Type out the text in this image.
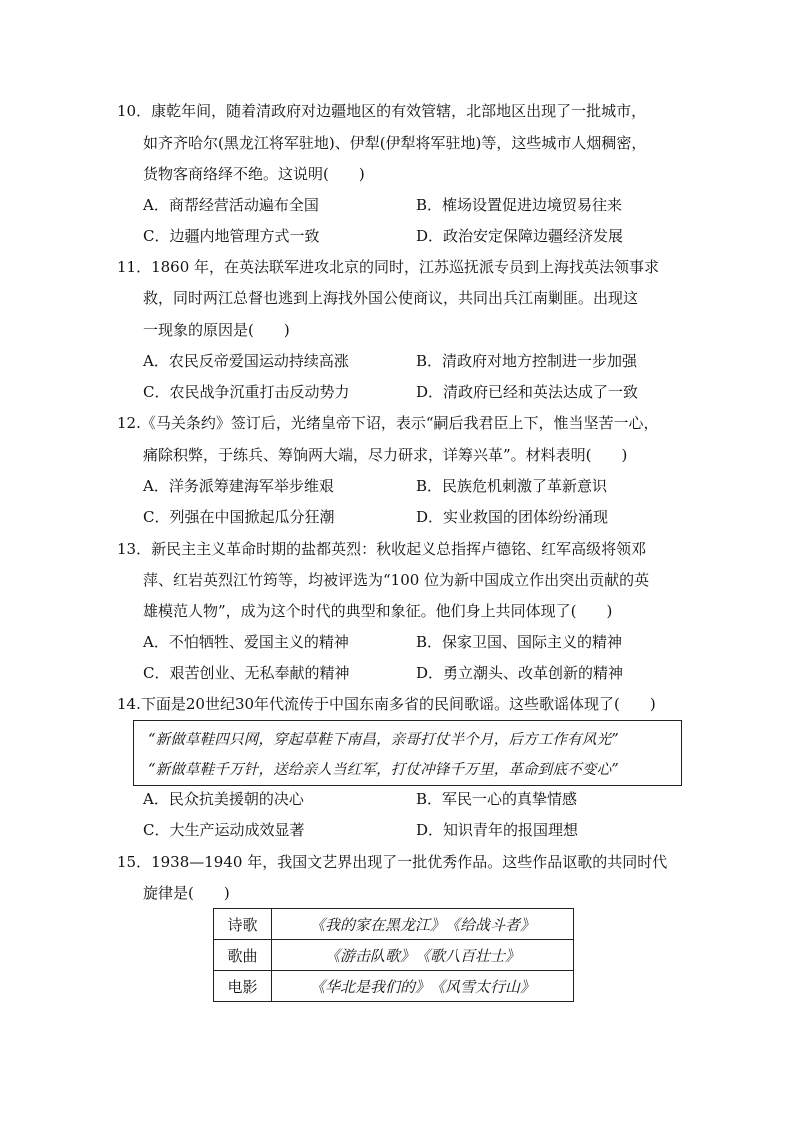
10．康乾年间，随着清政府对边疆地区的有效管辖，北部地区出现了一批城市，
如齐齐哈尔(黑龙江将军驻地)、伊犁(伊犁将军驻地)等，这些城市人烟稠密，
货物客商络绎不绝。这说明(　　)
A．商帮经营活动遍布全国	B．榷场设置促进边境贸易往来
C．边疆内地管理方式一致	D．政治安定保障边疆经济发展
11．1860 年，在英法联军进攻北京的同时，江苏巡抚派专员到上海找英法领事求
救，同时两江总督也逃到上海找外国公使商议，共同出兵江南剿匪。出现这
一现象的原因是(　　)
A．农民反帝爱国运动持续高涨	B．清政府对地方控制进一步加强
C．农民战争沉重打击反动势力	D．清政府已经和英法达成了一致
12.《马关条约》签订后，光绪皇帝下诏，表示“嗣后我君臣上下，惟当坚苦一心，
痛除积弊，于练兵、筹饷两大端，尽力研求，详筹兴革”。材料表明(　　)
A．洋务派筹建海军举步维艰	B．民族危机刺激了革新意识
C．列强在中国掀起瓜分狂潮	D．实业救国的团体纷纷涌现
13．新民主主义革命时期的盐都英烈：秋收起义总指挥卢德铭、红军高级将领邓
萍、红岩英烈江竹筠等，均被评选为“100 位为新中国成立作出突出贡献的英
雄模范人物”，成为这个时代的典型和象征。他们身上共同体现了(　　)
A．不怕牺牲、爱国主义的精神	B．保家卫国、国际主义的精神
C．艰苦创业、无私奉献的精神	D．勇立潮头、改革创新的精神
14.下面是20世纪30年代流传于中国东南多省的民间歌谣。这些歌谣体现了(　　)
“新做草鞋四只网，穿起草鞋下南昌，亲哥打仗半个月，后方工作有风光”
“新做草鞋千万针，送给亲人当红军，打仗冲锋千万里，革命到底不变心”
A．民众抗美援朝的决心	B．军民一心的真挚情感
C．大生产运动成效显著	D．知识青年的报国理想
15．1938—1940 年，我国文艺界出现了一批优秀作品。这些作品讴歌的共同时代
旋律是(　　)
诗歌	《我的家在黑龙江》　《给战斗者》
歌曲	《游击队歌》　《歌八百壮士》
电影	《华北是我们的》　《风雪太行山》
